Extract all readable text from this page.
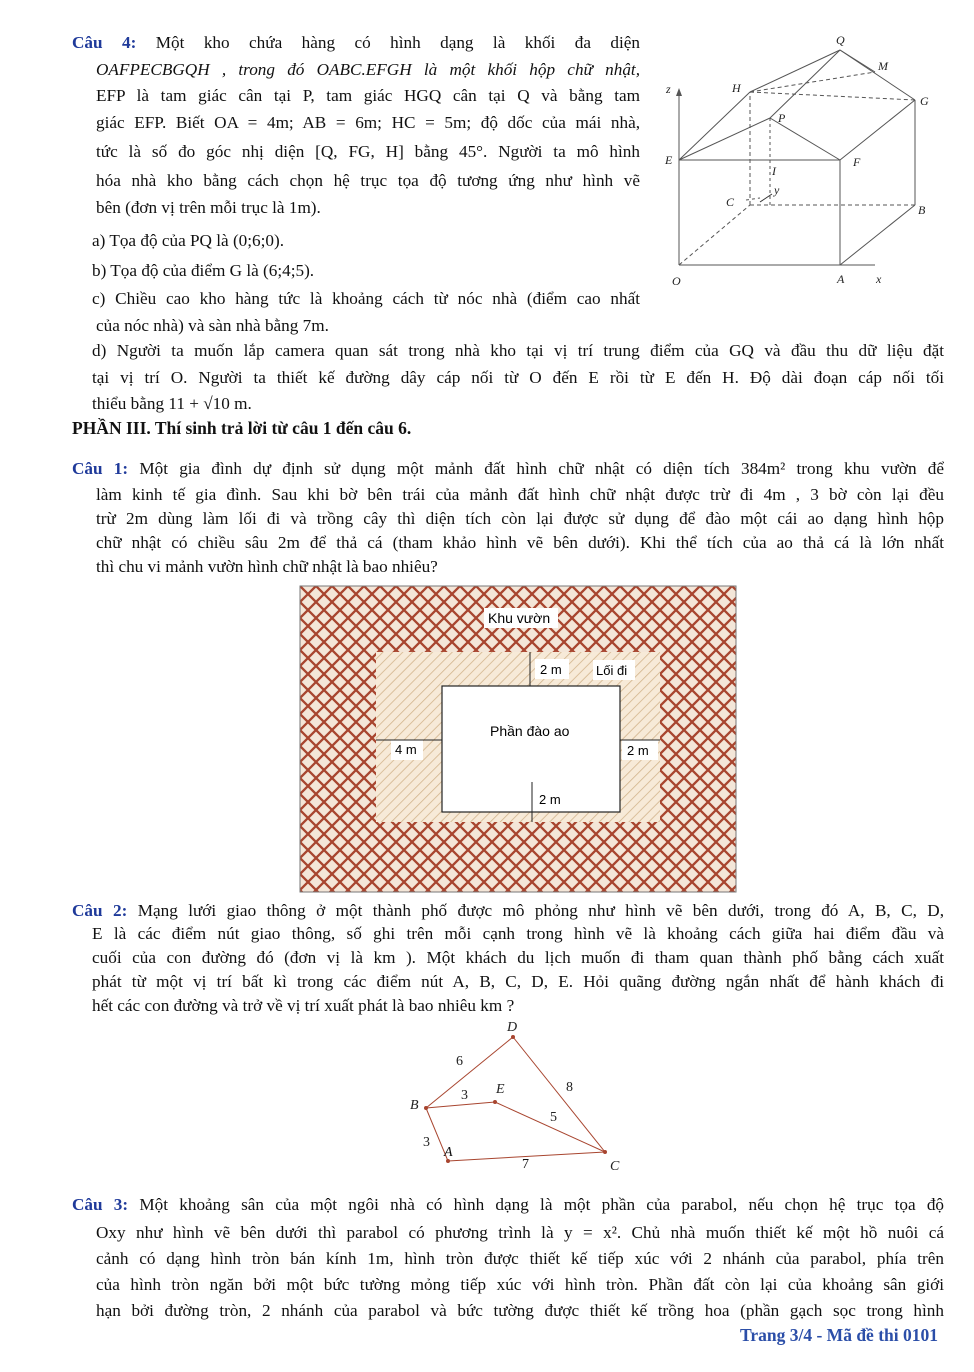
Câu 4: Một kho chứa hàng có hình dạng là khối đa diện
OAFPECBGQH , trong đó OABC.EFGH là một khối hộp chữ nhật,
EFP là tam giác cân tại P, tam giác HGQ cân tại Q và bằng tam
giác EFP. Biết OA = 4m; AB = 6m; HC = 5m; độ dốc của mái nhà,
tức là số đo góc nhị diện [Q, FG, H] bằng 45°. Người ta mô hình
hóa nhà kho bằng cách chọn hệ trục tọa độ tương ứng như hình vẽ
bên (đơn vị trên mỗi trục là 1m).
a) Tọa độ của PQ là (0;6;0).
b) Tọa độ của điểm G là (6;4;5).
c) Chiều cao kho hàng tức là khoảng cách từ nóc nhà (điểm cao nhất
của nóc nhà) và sàn nhà bằng 7m.
d) Người ta muốn lắp camera quan sát trong nhà kho tại vị trí trung điểm của GQ và đầu thu dữ liệu đặt
tại vị trí O. Người ta thiết kế đường dây cáp nối từ O đến E rồi từ E đến H. Độ dài đoạn cáp nối tối
thiểu bằng 11 + √10 m.
Q
M
H
G
P
E
I
F
C
y
B
O	A	x
z
PHẦN III. Thí sinh trả lời từ câu 1 đến câu 6.
Câu 1: Một gia đình dự định sử dụng một mảnh đất hình chữ nhật có diện tích 384m² trong khu vườn để
làm kinh tế gia đình. Sau khi bờ bên trái của mảnh đất hình chữ nhật được trừ đi 4m , 3 bờ còn lại đều
trừ 2m dùng làm lối đi và trồng cây thì diện tích còn lại được sử dụng để đào một cái ao dạng hình hộp
chữ nhật có chiều sâu 2m để thả cá (tham khảo hình vẽ bên dưới). Khi thể tích của ao thả cá là lớn nhất
thì chu vi mảnh vườn hình chữ nhật là bao nhiêu?
Khu vườn
2 m	Lối đi
Phần đào ao
4 m	2 m
2 m
Câu 2: Mạng lưới giao thông ở một thành phố được mô phỏng như hình vẽ bên dưới, trong đó A, B, C, D,
E là các điểm nút giao thông, số ghi trên mỗi cạnh trong hình vẽ là khoảng cách giữa hai điểm đầu và
cuối của con đường đó (đơn vị là km ). Một khách du lịch muốn đi tham quan thành phố bằng cách xuất
phát từ một vị trí bất kì trong các điểm nút A, B, C, D, E. Hỏi quãng đường ngắn nhất để hành khách đi
hết các con đường và trở về vị trí xuất phát là bao nhiêu km ?
D
B
E
C
6
3
8
5
3
A
7
Câu 3: Một khoảng sân của một ngôi nhà có hình dạng là một phần của parabol, nếu chọn hệ trục tọa độ
Oxy như hình vẽ bên dưới thì parabol có phương trình là y = x². Chủ nhà muốn thiết kế một hồ nuôi cá
cảnh có dạng hình tròn bán kính 1m, hình tròn được thiết kế tiếp xúc với 2 nhánh của parabol, phía trên
của hình tròn ngăn bởi một bức tường mỏng tiếp xúc với hình tròn. Phần đất còn lại của khoảng sân giới
hạn bởi đường tròn, 2 nhánh của parabol và bức tường được thiết kế trồng hoa (phần gạch sọc trong hình
Trang 3/4 - Mã đề thi 0101
